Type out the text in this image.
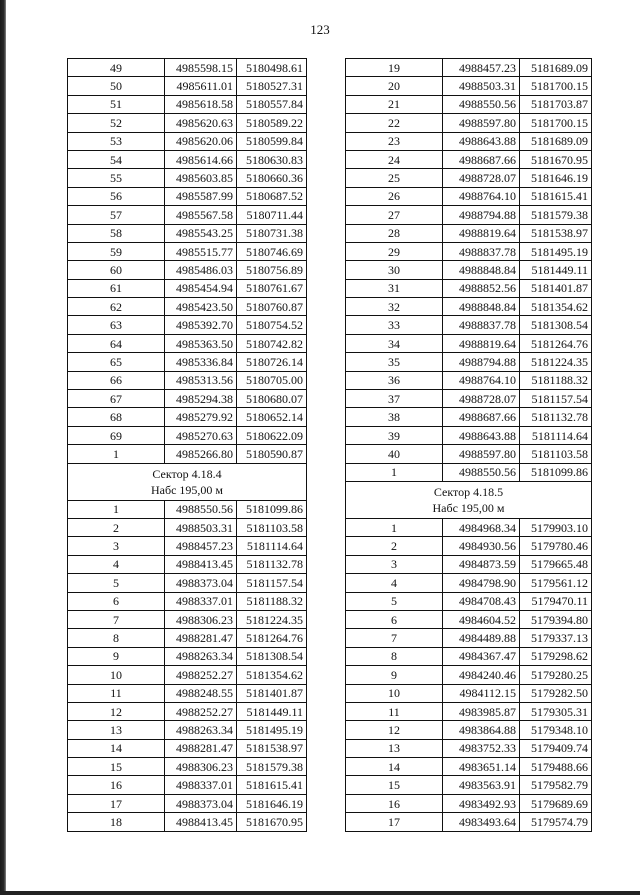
123
49	4985598.15	5180498.61
50	4985611.01	5180527.31
51	4985618.58	5180557.84
52	4985620.63	5180589.22
53	4985620.06	5180599.84
54	4985614.66	5180630.83
55	4985603.85	5180660.36
56	4985587.99	5180687.52
57	4985567.58	5180711.44
58	4985543.25	5180731.38
59	4985515.77	5180746.69
60	4985486.03	5180756.89
61	4985454.94	5180761.67
62	4985423.50	5180760.87
63	4985392.70	5180754.52
64	4985363.50	5180742.82
65	4985336.84	5180726.14
66	4985313.56	5180705.00
67	4985294.38	5180680.07
68	4985279.92	5180652.14
69	4985270.63	5180622.09
1	4985266.80	5180590.87

Сектор 4.18.4
Набс 195,00 м		

1	4988550.56	5181099.86
2	4988503.31	5181103.58
3	4988457.23	5181114.64
4	4988413.45	5181132.78
5	4988373.04	5181157.54
6	4988337.01	5181188.32
7	4988306.23	5181224.35
8	4988281.47	5181264.76
9	4988263.34	5181308.54
10	4988252.27	5181354.62
11	4988248.55	5181401.87
12	4988252.27	5181449.11
13	4988263.34	5181495.19
14	4988281.47	5181538.97
15	4988306.23	5181579.38
16	4988337.01	5181615.41
17	4988373.04	5181646.19
18	4988413.45	5181670.95
19	4988457.23	5181689.09
20	4988503.31	5181700.15
21	4988550.56	5181703.87
22	4988597.80	5181700.15
23	4988643.88	5181689.09
24	4988687.66	5181670.95
25	4988728.07	5181646.19
26	4988764.10	5181615.41
27	4988794.88	5181579.38
28	4988819.64	5181538.97
29	4988837.78	5181495.19
30	4988848.84	5181449.11
31	4988852.56	5181401.87
32	4988848.84	5181354.62
33	4988837.78	5181308.54
34	4988819.64	5181264.76
35	4988794.88	5181224.35
36	4988764.10	5181188.32
37	4988728.07	5181157.54
38	4988687.66	5181132.78
39	4988643.88	5181114.64
40	4988597.80	5181103.58
1	4988550.56	5181099.86

Сектор 4.18.5
Набс 195,00 м		

1	4984968.34	5179903.10
2	4984930.56	5179780.46
3	4984873.59	5179665.48
4	4984798.90	5179561.12
5	4984708.43	5179470.11
6	4984604.52	5179394.80
7	4984489.88	5179337.13
8	4984367.47	5179298.62
9	4984240.46	5179280.25
10	4984112.15	5179282.50
11	4983985.87	5179305.31
12	4983864.88	5179348.10
13	4983752.33	5179409.74
14	4983651.14	5179488.66
15	4983563.91	5179582.79
16	4983492.93	5179689.69
17	4983493.64	5179574.79
